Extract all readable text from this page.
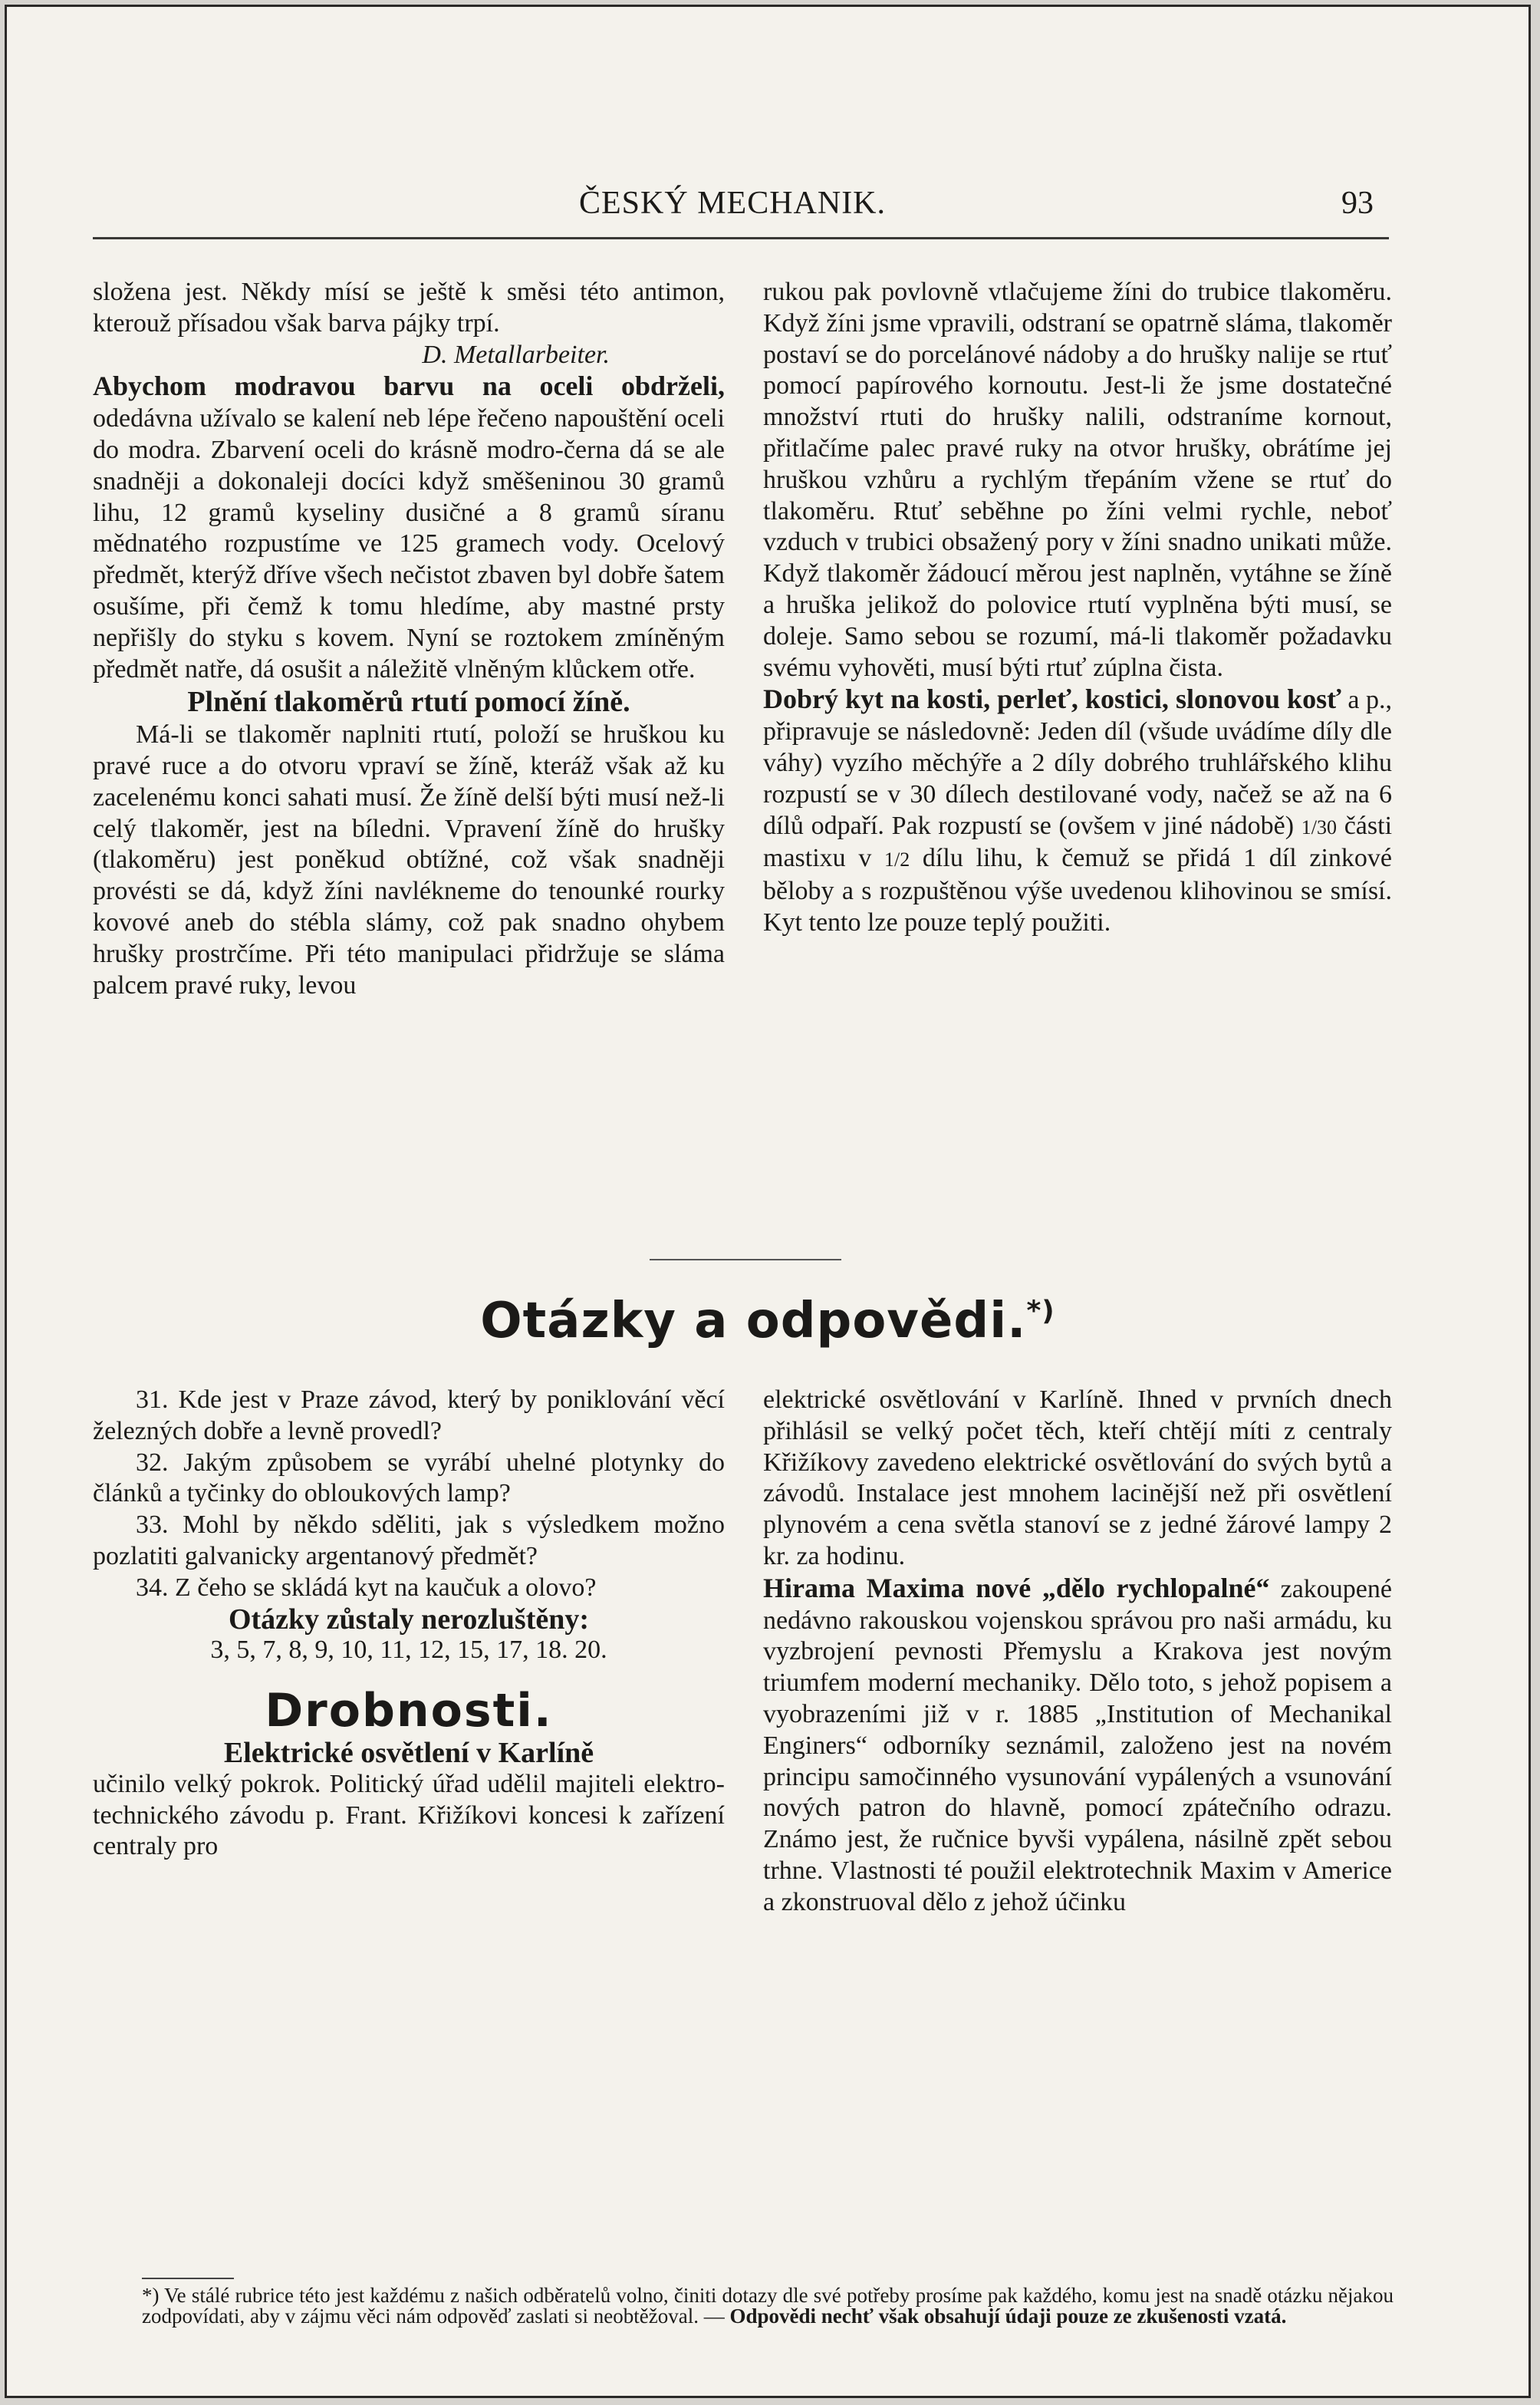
ČESKÝ MECHANIK.	93

složena jest. Někdy mísí se ještě k směsi této antimon, kterouž přísadou však barva pájky trpí.

D. Metallarbeiter.

Abychom modravou barvu na oceli obdrželi, odedávna užívalo se kalení neb lépe řečeno napouštění oceli do modra. Zbarvení oceli do krásně modro-černa dá se ale snadněji a dokonaleji docíci když směšeninou 30 gramů lihu, 12 gramů kyseliny dusičné a 8 gramů síranu mědnatého rozpustíme ve 125 gramech vody. Ocelový předmět, kterýž dříve všech nečistot zbaven byl dobře šatem osušíme, při čemž k tomu hledíme, aby mastné prsty nepřišly do styku s kovem. Nyní se roztokem zmíněným předmět natře, dá osušit a náležitě vlněným klůckem otře.

Plnění tlakoměrů rtutí pomocí žíně.

Má-li se tlakoměr naplniti rtutí, položí se hruškou ku pravé ruce a do otvoru vpraví se žíně, kteráž však až ku zacelenému konci sahati musí. Že žíně delší býti musí než-li celý tlakoměr, jest na bíledni. Vpravení žíně do hrušky (tlakoměru) jest poněkud obtížné, což však snadněji provésti se dá, když žíni navlékneme do tenounké rourky kovové aneb do stébla slámy, což pak snadno ohybem hrušky prostrčíme. Při této manipulaci přidržuje se sláma palcem pravé ruky, levou

rukou pak povlovně vtlačujeme žíni do trubice tlakoměru. Když žíni jsme vpravili, odstraní se opatrně sláma, tlakoměr postaví se do porcelánové nádoby a do hrušky nalije se rtuť pomocí papírového kornoutu. Jest-li že jsme dostatečné množství rtuti do hrušky nalili, odstraníme kornout, přitlačíme palec pravé ruky na otvor hrušky, obrátíme jej hruškou vzhůru a rychlým třepáním vžene se rtuť do tlakoměru. Rtuť seběhne po žíni velmi rychle, neboť vzduch v trubici obsažený pory v žíni snadno unikati může. Když tlakoměr žádoucí měrou jest naplněn, vytáhne se žíně a hruška jelikož do polovice rtutí vyplněna býti musí, se doleje. Samo sebou se rozumí, má-li tlakoměr požadavku svému vyhověti, musí býti rtuť zúplna čista.

Dobrý kyt na kosti, perleť, kostici, slonovou kosť a p., připravuje se následovně: Jeden díl (všude uvádíme díly dle váhy) vyzího měchýře a 2 díly dobrého truhlářského klihu rozpustí se v 30 dílech destilované vody, načež se až na 6 dílů odpaří. Pak rozpustí se (ovšem v jiné nádobě) 1/30 části mastixu v 1/2 dílu lihu, k čemuž se přidá 1 díl zinkové běloby a s rozpuštěnou výše uvedenou klihovinou se smísí. Kyt tento lze pouze teplý použiti.

Otázky a odpovědi.*)

31. Kde jest v Praze závod, který by poniklování věcí železných dobře a levně provedl?

32. Jakým způsobem se vyrábí uhelné plotynky do článků a tyčinky do obloukových lamp?

33. Mohl by někdo sděliti, jak s výsledkem možno pozlatiti galvanicky argentanový předmět?

34. Z čeho se skládá kyt na kaučuk a olovo?

Otázky zůstaly nerozluštěny:

3, 5, 7, 8, 9, 10, 11, 12, 15, 17, 18. 20.

Drobnosti.

Elektrické osvětlení v Karlíně

učinilo velký pokrok. Politický úřad udělil majiteli elektro-technického závodu p. Frant. Křižíkovi koncesi k zařízení centraly pro

elektrické osvětlování v Karlíně. Ihned v prvních dnech přihlásil se velký počet těch, kteří chtějí míti z centraly Křižíkovy zavedeno elektrické osvětlování do svých bytů a závodů. Instalace jest mnohem lacinější než při osvětlení plynovém a cena světla stanoví se z jedné žárové lampy 2 kr. za hodinu.

Hirama Maxima nové „dělo rychlopalné“ zakoupené nedávno rakouskou vojenskou správou pro naši armádu, ku vyzbrojení pevnosti Přemyslu a Krakova jest novým triumfem moderní mechaniky. Dělo toto, s jehož popisem a vyobrazeními již v r. 1885 „Institution of Mechanikal Enginers“ odborníky seznámil, založeno jest na novém principu samočinného vysunování vypálených a vsunování nových patron do hlavně, pomocí zpátečního odrazu. Známo jest, že ručnice byvši vypálena, násilně zpět sebou trhne. Vlastnosti té použil elektrotechnik Maxim v Americe a zkonstruoval dělo z jehož účinku

*) Ve stálé rubrice této jest každému z našich odběratelů volno, činiti dotazy dle své potřeby prosíme pak každého, komu jest na snadě otázku nějakou zodpovídati, aby v zájmu věci nám odpověď zaslati si neobtěžoval. — Odpovědi nechť však obsahují údaji pouze ze zkušenosti vzatá.
